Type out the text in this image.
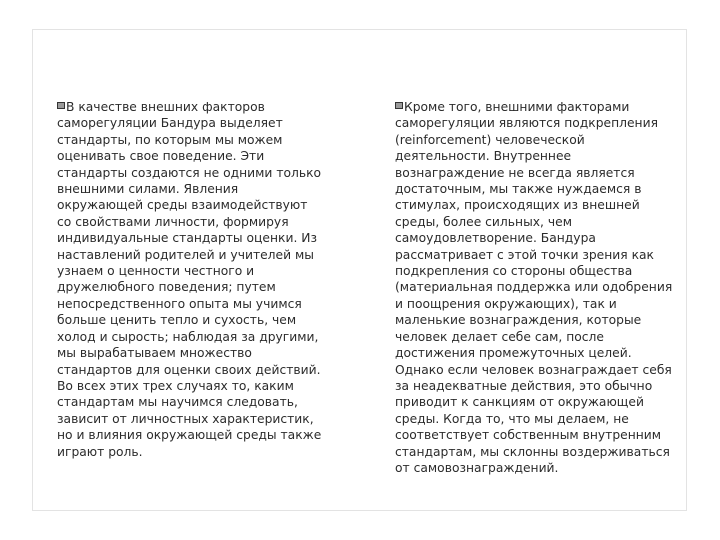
В качестве внешних факторов саморегуляции Бандура выделяет стандарты, по которым мы можем оценивать свое поведение. Эти стандарты создаются не одними только внешними силами. Явления окружающей среды взаимодействуют со свойствами личности, формируя индивидуальные стандарты оценки. Из наставлений родителей и учителей мы узнаем о ценности честного и дружелюбного поведения; путем непосредственного опыта мы учимся больше ценить тепло и сухость, чем холод и сырость; наблюдая за другими, мы вырабатываем множество стандартов для оценки своих действий. Во всех этих трех случаях то, каким стандартам мы научимся следовать, зависит от личностных характеристик, но и влияния окружающей среды также играют роль.
Кроме того, внешними факторами саморегуляции являются подкрепления (reinforcement) человеческой деятельности. Внутреннее вознаграждение не всегда является достаточным, мы также нуждаемся в стимулах, происходящих из внешней среды, более сильных, чем самоудовлетворение. Бандура рассматривает с этой точки зрения как подкрепления со стороны общества (материальная поддержка или одобрения и поощрения окружающих), так и маленькие вознаграждения, которые человек делает себе сам, после достижения промежуточных целей. Однако если человек вознаграждает себя за неадекватные действия, это обычно приводит к санкциям от окружающей среды. Когда то, что мы делаем, не соответствует собственным внутренним стандартам, мы склонны воздерживаться от самовознаграждений.
